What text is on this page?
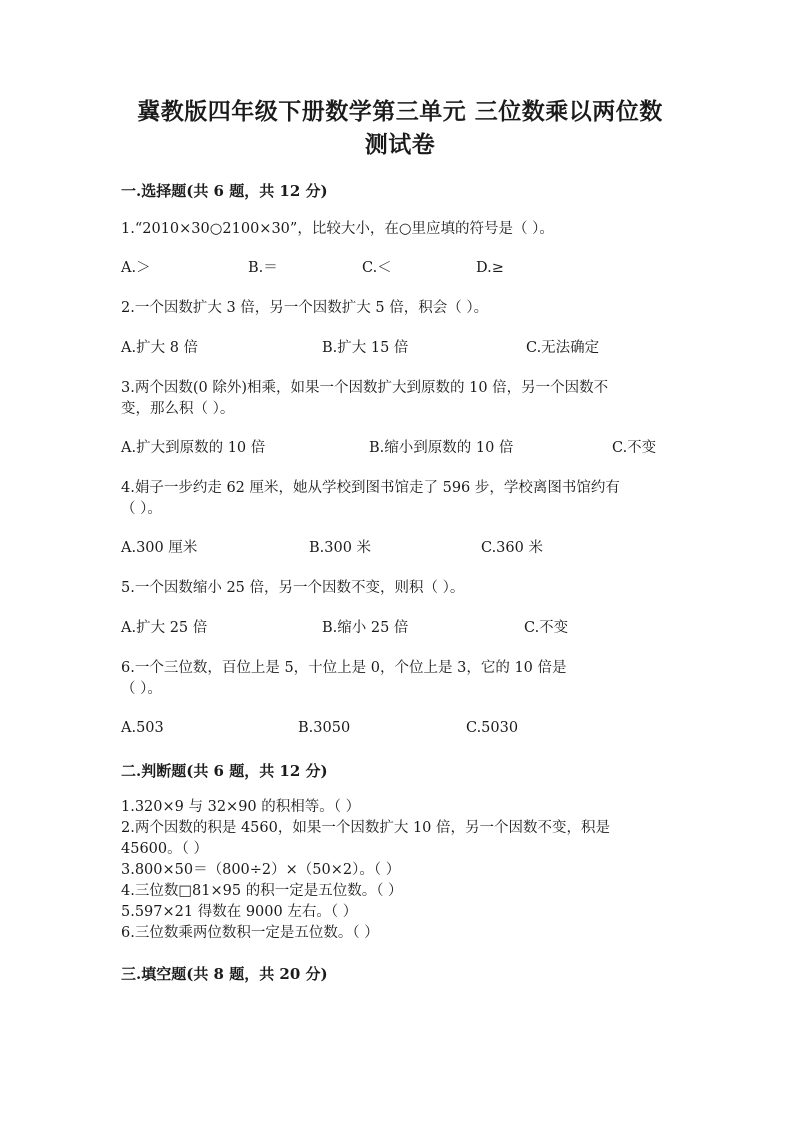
冀教版四年级下册数学第三单元 三位数乘以两位数
测试卷
一.选择题(共 6 题，共 12 分)
1.“2010×30○2100×30”，比较大小，在○里应填的符号是（ ）。
A.＞	B.＝	C.＜	D.≥
2.一个因数扩大 3 倍，另一个因数扩大 5 倍，积会（ ）。
A.扩大 8 倍	B.扩大 15 倍	C.无法确定
3.两个因数(0 除外)相乘，如果一个因数扩大到原数的 10 倍，另一个因数不
变，那么积（ ）。
A.扩大到原数的 10 倍	B.缩小到原数的 10 倍	C.不变
4.娟子一步约走 62 厘米，她从学校到图书馆走了 596 步，学校离图书馆约有
（ ）。
A.300 厘米	B.300 米	C.360 米
5.一个因数缩小 25 倍，另一个因数不变，则积（ ）。
A.扩大 25 倍	B.缩小 25 倍	C.不变
6.一个三位数，百位上是 5，十位上是 0，个位上是 3，它的 10 倍是
（ ）。
A.503	B.3050	C.5030
二.判断题(共 6 题，共 12 分)
1.320×9 与 32×90 的积相等。（ ）
2.两个因数的积是 4560，如果一个因数扩大 10 倍，另一个因数不变，积是
45600。（ ）
3.800×50＝（800÷2）×（50×2）。（ ）
4.三位数□81×95 的积一定是五位数。（ ）
5.597×21 得数在 9000 左右。（ ）
6.三位数乘两位数积一定是五位数。（ ）
三.填空题(共 8 题，共 20 分)
